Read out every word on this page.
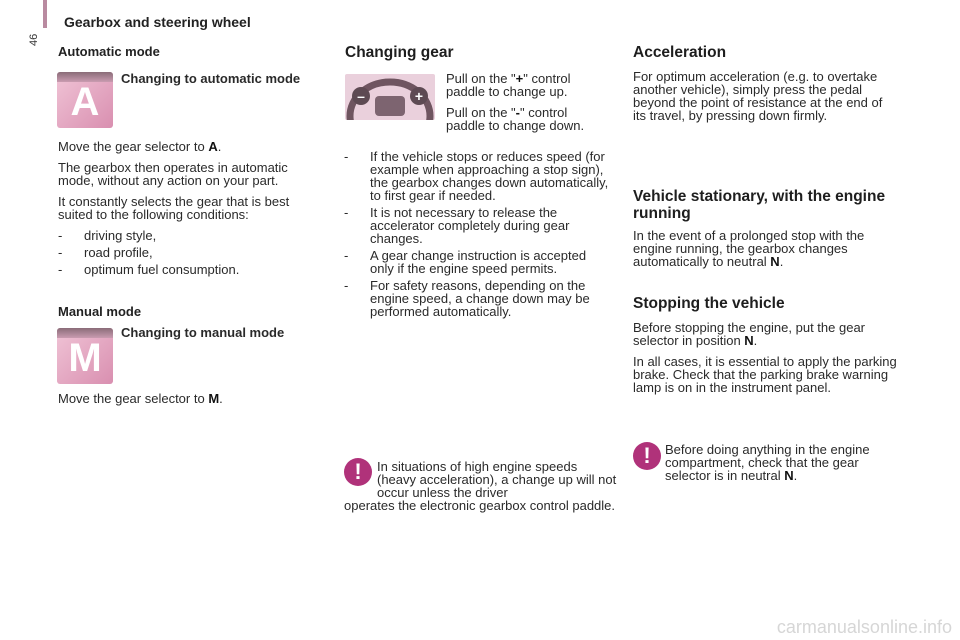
46
Gearbox and steering wheel
Automatic mode
A
Changing to automatic mode

Move the gear selector to A.

The gearbox then operates in automatic mode, without any action on your part.

It constantly selects the gear that is best suited to the following conditions:

- driving style,
- road profile,
- optimum fuel consumption.
Manual mode
M
Changing to manual mode
Move the gear selector to M.
Changing gear
–	+

Pull on the "+" control paddle to change up.

Pull on the "-" control paddle to change down.

- If the vehicle stops or reduces speed (for example when approaching a stop sign), the gearbox changes down automatically, to first gear if needed.
- It is not necessary to release the accelerator completely during gear changes.
- A gear change instruction is accepted only if the engine speed permits.
- For safety reasons, depending on the engine speed, a change down may be performed automatically.
!	In situations of high engine speeds (heavy acceleration), a change up will not occur unless the driver
operates the electronic gearbox control paddle.
Acceleration
For optimum acceleration (e.g. to overtake another vehicle), simply press the pedal beyond the point of resistance at the end of its travel, by pressing down firmly.
Vehicle stationary, with the engine running
In the event of a prolonged stop with the engine running, the gearbox changes automatically to neutral N.
Stopping the vehicle

Before stopping the engine, put the gear selector in position N.

In all cases, it is essential to apply the parking brake. Check that the parking brake warning lamp is on in the instrument panel.

!	Before doing anything in the engine compartment, check that the gear selector is in neutral N.
carmanualsonline.info
